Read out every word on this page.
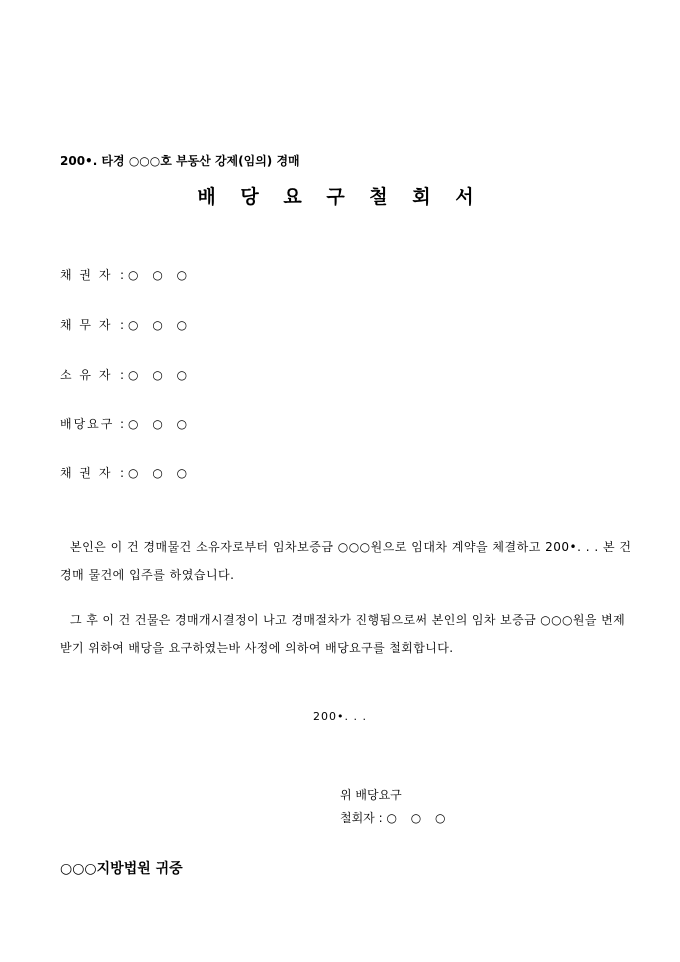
200•. 타경 ○○○호 부동산 강제(임의) 경매
배 당 요 구 철 회 서
채 권 자 : ○ ○ ○
채 무 자 : ○ ○ ○
소 유 자 : ○ ○ ○
배당요구 : ○ ○ ○
채 권 자 : ○ ○ ○
본인은 이 건 경매물건 소유자로부터 임차보증금 ○○○원으로 임대차 계약을 체결하고 200•. . . 본 건 경매 물건에 입주를 하였습니다.
그 후 이 건 건물은 경매개시결정이 나고 경매절차가 진행됨으로써 본인의 임차 보증금 ○○○원을 변제 받기 위하여 배당을 요구하였는바 사정에 의하여 배당요구를 철회합니다.
200•. . .
위 배당요구
철회자 : ○ ○ ○
○○○지방법원 귀중
